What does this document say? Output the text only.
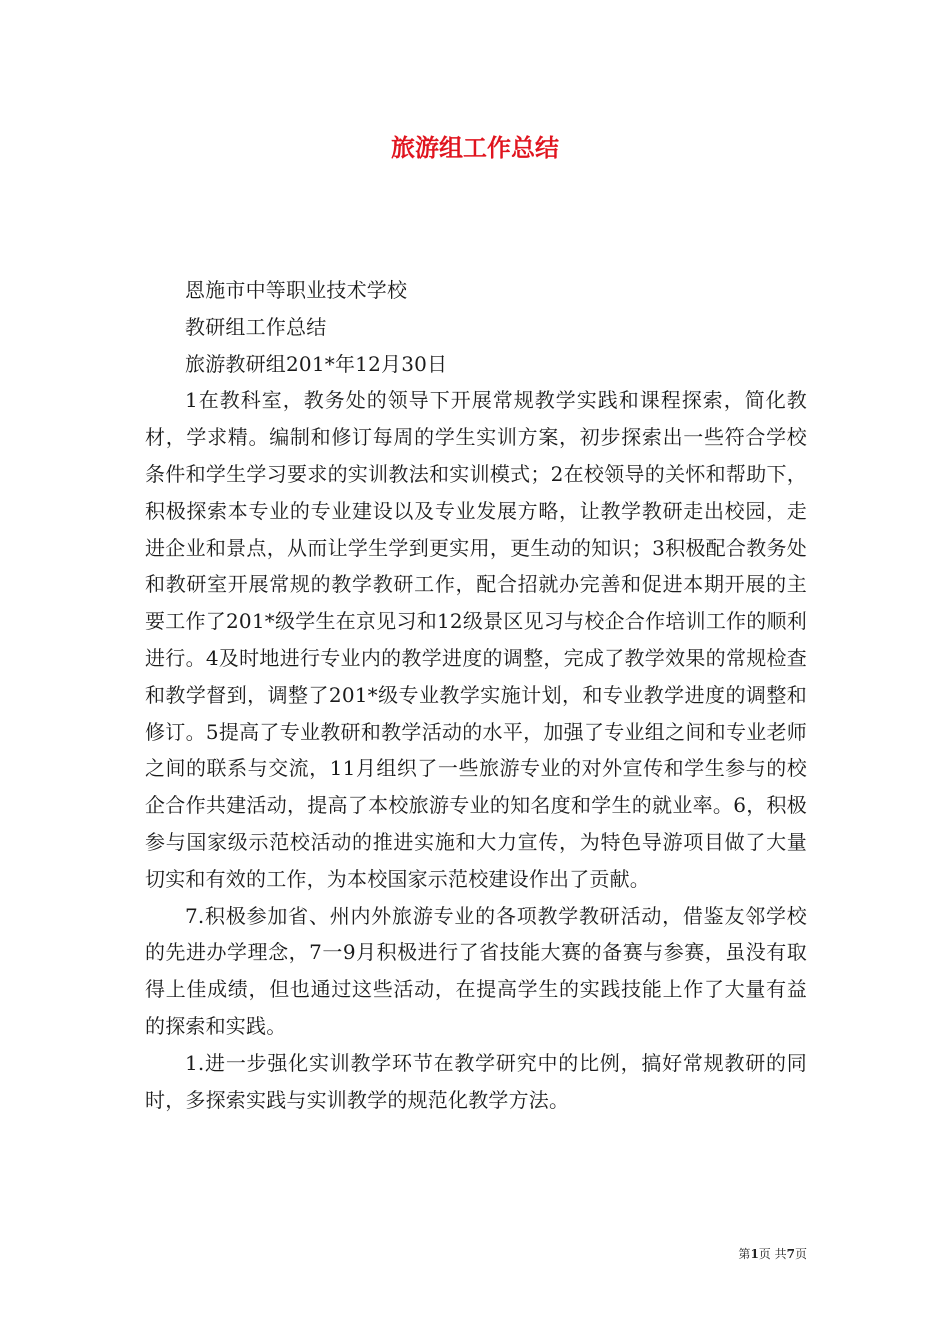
旅游组工作总结

恩施市中等职业技术学校

教研组工作总结

旅游教研组201*年12月30日

1在教科室，教务处的领导下开展常规教学实践和课程探索，简化教材，学求精。编制和修订每周的学生实训方案，初步探索出一些符合学校条件和学生学习要求的实训教法和实训模式；2在校领导的关怀和帮助下，积极探索本专业的专业建设以及专业发展方略，让教学教研走出校园，走进企业和景点，从而让学生学到更实用，更生动的知识；3积极配合教务处和教研室开展常规的教学教研工作，配合招就办完善和促进本期开展的主要工作了201*级学生在京见习和12级景区见习与校企合作培训工作的顺利进行。4及时地进行专业内的教学进度的调整，完成了教学效果的常规检查和教学督到，调整了201*级专业教学实施计划，和专业教学进度的调整和修订。5提高了专业教研和教学活动的水平，加强了专业组之间和专业老师之间的联系与交流，11月组织了一些旅游专业的对外宣传和学生参与的校企合作共建活动，提高了本校旅游专业的知名度和学生的就业率。6，积极参与国家级示范校活动的推进实施和大力宣传，为特色导游项目做了大量切实和有效的工作，为本校国家示范校建设作出了贡献。

7.积极参加省、州内外旅游专业的各项教学教研活动，借鉴友邻学校的先进办学理念，7一9月积极进行了省技能大赛的备赛与参赛，虽没有取得上佳成绩，但也通过这些活动，在提高学生的实践技能上作了大量有益的探索和实践。

1.进一步强化实训教学环节在教学研究中的比例，搞好常规教研的同时，多探索实践与实训教学的规范化教学方法。

第1页 共7页
